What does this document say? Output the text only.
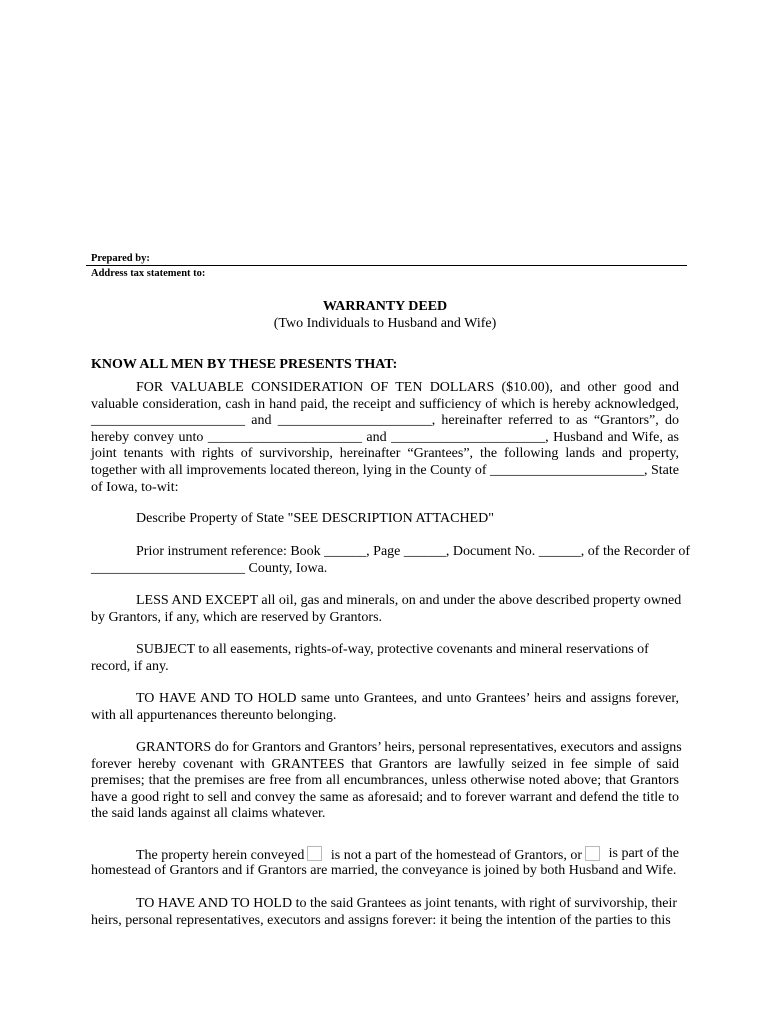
Prepared by:
Address tax statement to:
WARRANTY DEED
(Two Individuals to Husband and Wife)
KNOW ALL MEN BY THESE PRESENTS THAT:
FOR VALUABLE CONSIDERATION OF TEN DOLLARS ($10.00), and other good and
valuable consideration, cash in hand paid, the receipt and sufficiency of which is hereby acknowledged,
______________________ and ______________________, hereinafter referred to as “Grantors”, do
hereby convey unto ______________________ and ______________________, Husband and Wife, as
joint tenants with rights of survivorship, hereinafter “Grantees”, the following lands and property,
together with all improvements located thereon, lying in the County of ______________________, State
of Iowa, to-wit:
Describe Property of State "SEE DESCRIPTION ATTACHED"
Prior instrument reference: Book ______, Page ______, Document No. ______, of the Recorder of
______________________ County, Iowa.
LESS AND EXCEPT all oil, gas and minerals, on and under the above described property owned
by Grantors, if any, which are reserved by Grantors.
SUBJECT to all easements, rights-of-way, protective covenants and mineral reservations of
record, if any.
TO HAVE AND TO HOLD same unto Grantees, and unto Grantees’ heirs and assigns forever,
with all appurtenances thereunto belonging.
GRANTORS do for Grantors and Grantors’ heirs, personal representatives, executors and assigns
forever hereby covenant with GRANTEES that Grantors are lawfully seized in fee simple of said
premises; that the premises are free from all encumbrances, unless otherwise noted above; that Grantors
have a good right to sell and convey the same as aforesaid; and to forever warrant and defend the title to
the said lands against all claims whatever.
The property herein conveyed	is not a part of the homestead of Grantors, or	is part of the
homestead of Grantors and if Grantors are married, the conveyance is joined by both Husband and Wife.
TO HAVE AND TO HOLD to the said Grantees as joint tenants, with right of survivorship, their
heirs, personal representatives, executors and assigns forever: it being the intention of the parties to this
